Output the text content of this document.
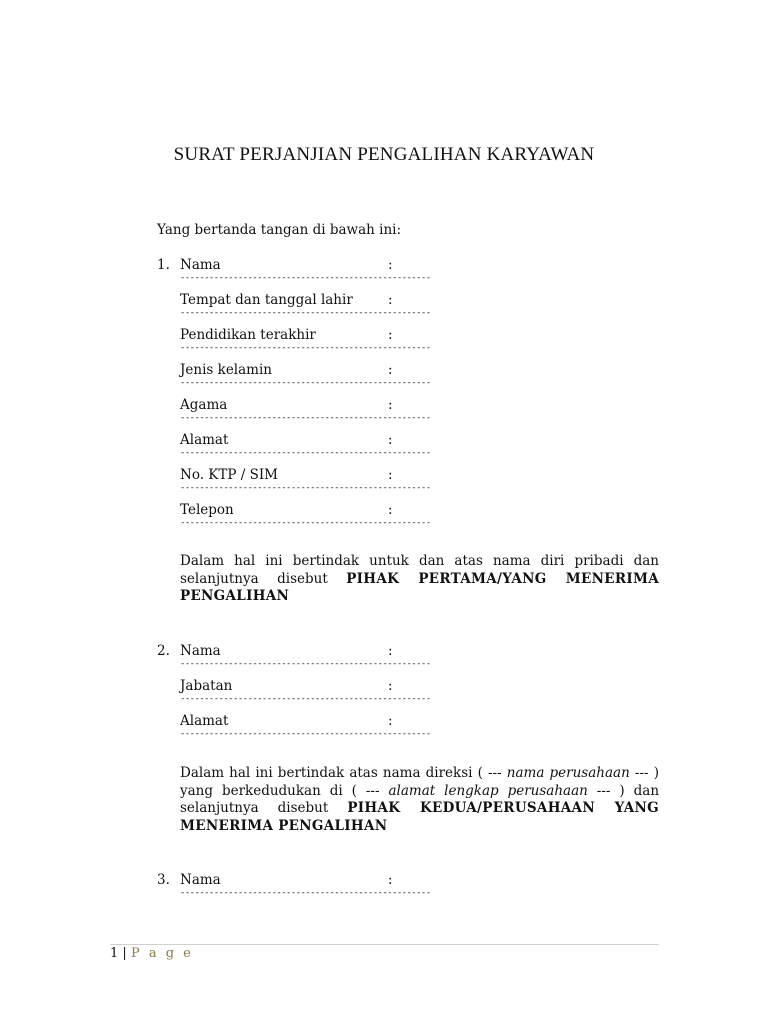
SURAT PERJANJIAN PENGALIHAN KARYAWAN
Yang bertanda tangan di bawah ini:
1. Nama	:
----------------------------------------------------
Tempat dan tanggal lahir	:
----------------------------------------------------
Pendidikan terakhir	:
----------------------------------------------------
Jenis kelamin	:
----------------------------------------------------
Agama	:
----------------------------------------------------
Alamat	:
----------------------------------------------------
No. KTP / SIM	:
----------------------------------------------------
Telepon	:
----------------------------------------------------
Dalam hal ini bertindak untuk dan atas nama diri pribadi dan selanjutnya disebut PIHAK PERTAMA/YANG MENERIMA PENGALIHAN
2. Nama	:
----------------------------------------------------
Jabatan	:
----------------------------------------------------
Alamat	:
----------------------------------------------------
Dalam hal ini bertindak atas nama direksi ( --- nama perusahaan --- ) yang berkedudukan di ( --- alamat lengkap perusahaan --- ) dan selanjutnya disebut PIHAK KEDUA/PERUSAHAAN YANG MENERIMA PENGALIHAN
3. Nama	:
----------------------------------------------------
1 | P a g e
